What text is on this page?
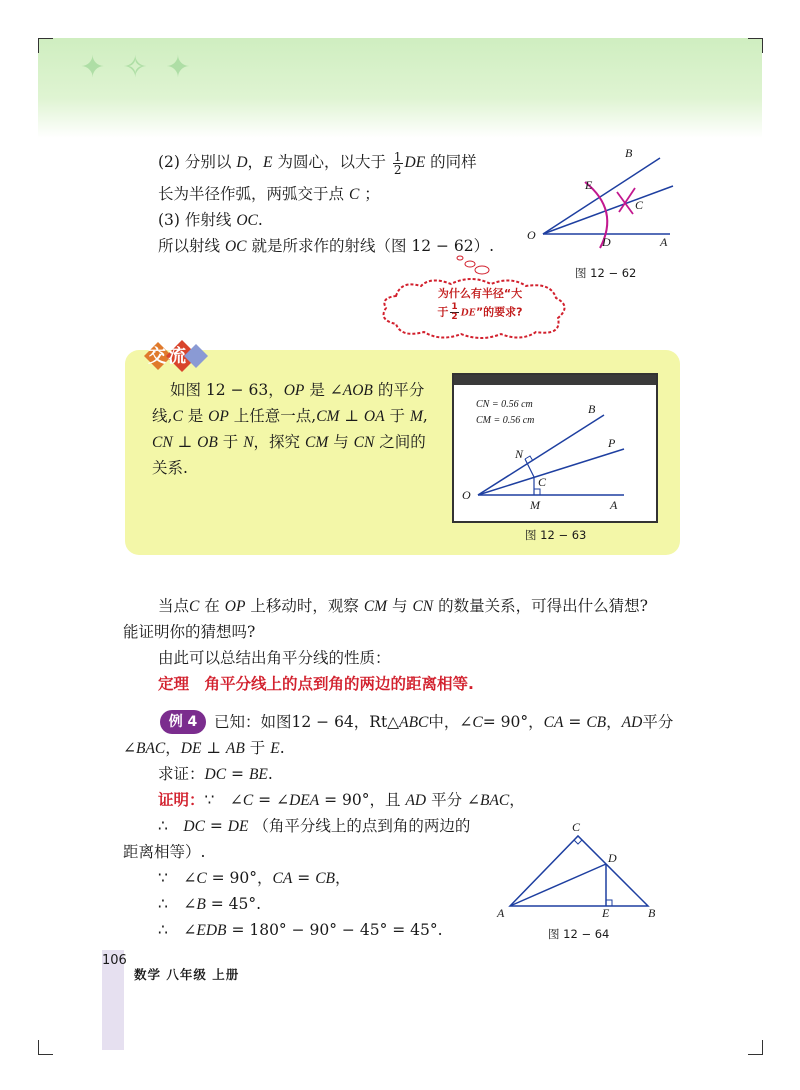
✦ ✧ ✦
(2) 分别以 D，E 为圆心，以大于 $\frac{1}{2}$ DE 的同样
长为半径作弧，两弧交于点 C ；
(3) 作射线 OC.
所以射线 OC 就是所求作的射线（图 12 − 62）.
B
E
C
O	D	A
图 12 − 62
为什么有半径“大
于 $\frac{1}{2}$ DE”的要求?
交流
如图 12 − 63，OP 是 ∠AOB 的平分
线,C 是 OP 上任意一点,CM ⊥ OA 于 M,
CN ⊥ OB 于 N，探究 CM 与 CN 之间的
关系.
CN = 0.56 cm
CM = 0.56 cm
B
P
N
C
O
M	A
图 12 − 63
当点C 在 OP 上移动时，观察 CM 与 CN 的数量关系，可得出什么猜想?
能证明你的猜想吗?
由此可以总结出角平分线的性质：
定理　角平分线上的点到角的两边的距离相等.
例 4	已知：如图12 − 64，Rt△ABC中，∠C= 90°，CA = CB，AD平分
∠BAC，DE ⊥ AB 于 E.
求证：DC = BE.
证明：∵　∠C = ∠DEA = 90°，且 AD 平分 ∠BAC，
∴　DC = DE （角平分线上的点到角的两边的
距离相等）.
∵　∠C = 90°，CA = CB，
∴　∠B = 45°.
∴　∠EDB = 180° − 90° − 45° = 45°.
C
D
A	E	B
图 12 − 64
106
数学 八年级 上册
